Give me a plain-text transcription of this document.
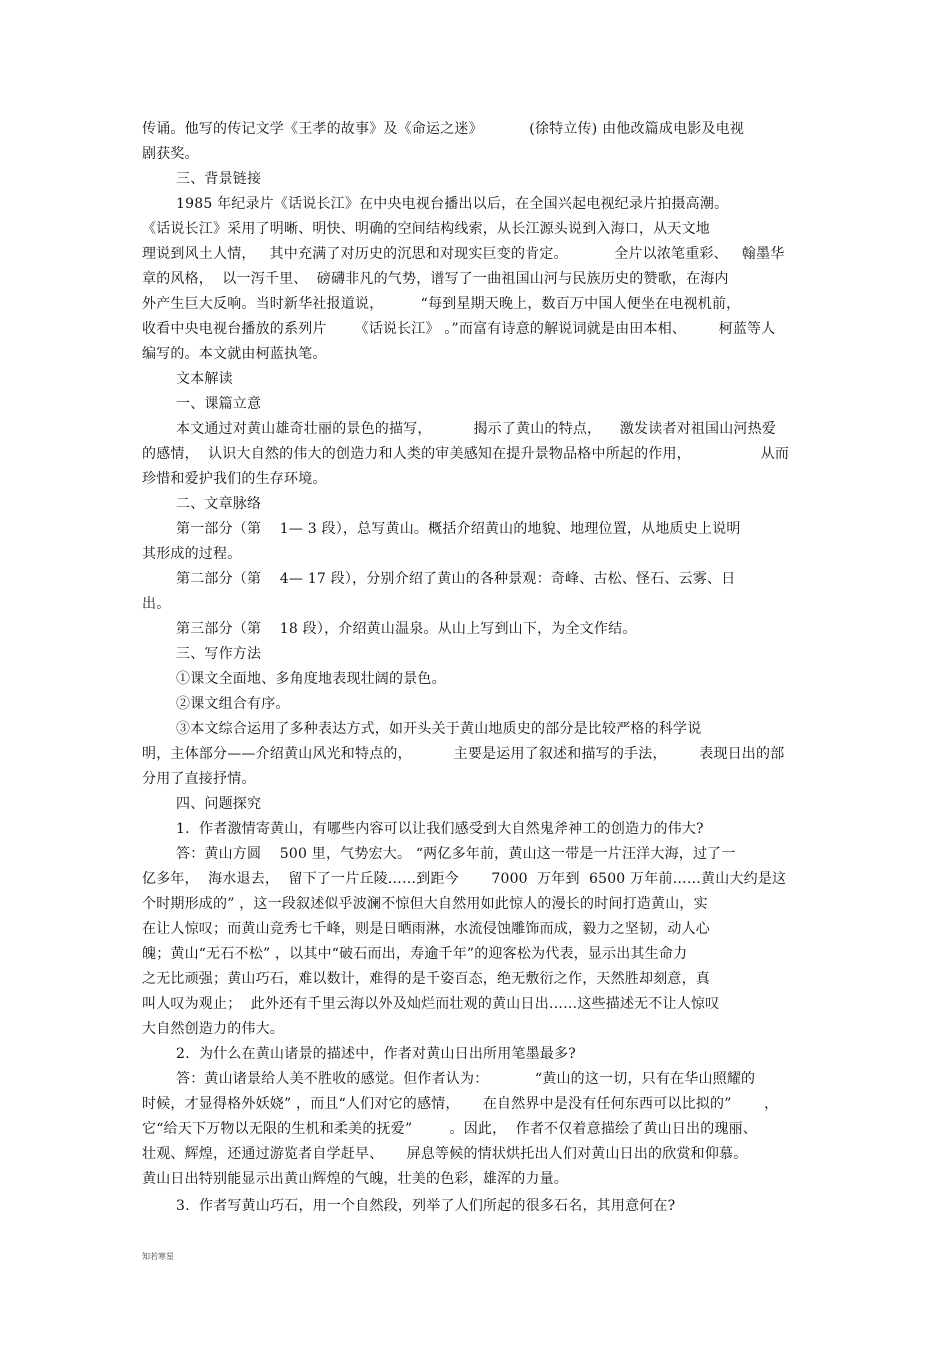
传诵。他写的传记文学《王孝的故事》及《命运之迷》          (徐特立传) 由他改篇成电影及电视
剧获奖。
三、背景链接
1985 年纪录片《话说长江》在中央电视台播出以后，在全国兴起电视纪录片拍摄高潮。
《话说长江》采用了明晰、明快、明确的空间结构线索，从长江源头说到入海口，从天文地
理说到风土人情，   其中充满了对历史的沉思和对现实巨变的肯定。          全片以浓笔重彩、   翰墨华
章的风格，  以一泻千里、  磅礴非凡的气势，谱写了一曲祖国山河与民族历史的赞歌，在海内
外产生巨大反响。当时新华社报道说，        “每到星期天晚上，数百万中国人便坐在电视机前，
收看中央电视台播放的系列片      《话说长江》 。”而富有诗意的解说词就是由田本相、       柯蓝等人
编写的。本文就由柯蓝执笔。
文本解读
一、课篇立意
本文通过对黄山雄奇壮丽的景色的描写，         揭示了黄山的特点，    激发读者对祖国山河热爱
的感情，  认识大自然的伟大的创造力和人类的审美感知在提升景物品格中所起的作用，               从而
珍惜和爱护我们的生存环境。
二、文章脉络
第一部分（第    1— 3 段），总写黄山。概括介绍黄山的地貌、地理位置，从地质史上说明
其形成的过程。
第二部分（第    4— 17 段），分别介绍了黄山的各种景观：奇峰、古松、怪石、云雾、日
出。
第三部分（第    18 段），介绍黄山温泉。从山上写到山下，为全文作结。
三、写作方法
①课文全面地、多角度地表现壮阔的景色。
②课文组合有序。
③本文综合运用了多种表达方式，如开头关于黄山地质史的部分是比较严格的科学说
明，主体部分——介绍黄山风光和特点的，         主要是运用了叙述和描写的手法，       表现日出的部
分用了直接抒情。
四、问题探究
1.  作者激情寄黄山，有哪些内容可以让我们感受到大自然鬼斧神工的创造力的伟大?
答：黄山方圆    500 里，气势宏大。 “两亿多年前，黄山这一带是一片汪洋大海，过了一
亿多年，  海水退去，  留下了一片丘陵……到距今       7000  万年到  6500 万年前……黄山大约是这
个时期形成的” ，这一段叙述似乎波澜不惊但大自然用如此惊人的漫长的时间打造黄山，实
在让人惊叹；而黄山竞秀七千峰，则是日晒雨淋，水流侵蚀雕饰而成，毅力之坚韧，动人心
魄；黄山“无石不松” ，以其中“破石而出，寿逾千年”的迎客松为代表，显示出其生命力
之无比顽强；黄山巧石，难以数计，难得的是千姿百态，绝无敷衍之作，天然胜却刻意，真
叫人叹为观止；  此外还有千里云海以外及灿烂而壮观的黄山日出……这些描述无不让人惊叹
大自然创造力的伟大。
2.  为什么在黄山诸景的描述中，作者对黄山日出所用笔墨最多?
答：黄山诸景给人美不胜收的感觉。但作者认为：          “黄山的这一切，只有在华山照耀的
时候，才显得格外妖娆” ，而且“人们对它的感情，     在自然界中是没有任何东西可以比拟的”       ，
它“给天下万物以无限的生机和柔美的抚爱”        。因此，  作者不仅着意描绘了黄山日出的瑰丽、
壮观、辉煌，还通过游览者自学赶早、     屏息等候的情状烘托出人们对黄山日出的欣赏和仰慕。
黄山日出特别能显示出黄山辉煌的气魄，壮美的色彩，雄浑的力量。
3.  作者写黄山巧石，用一个自然段，列举了人们所起的很多石名，其用意何在?
知若寒星
